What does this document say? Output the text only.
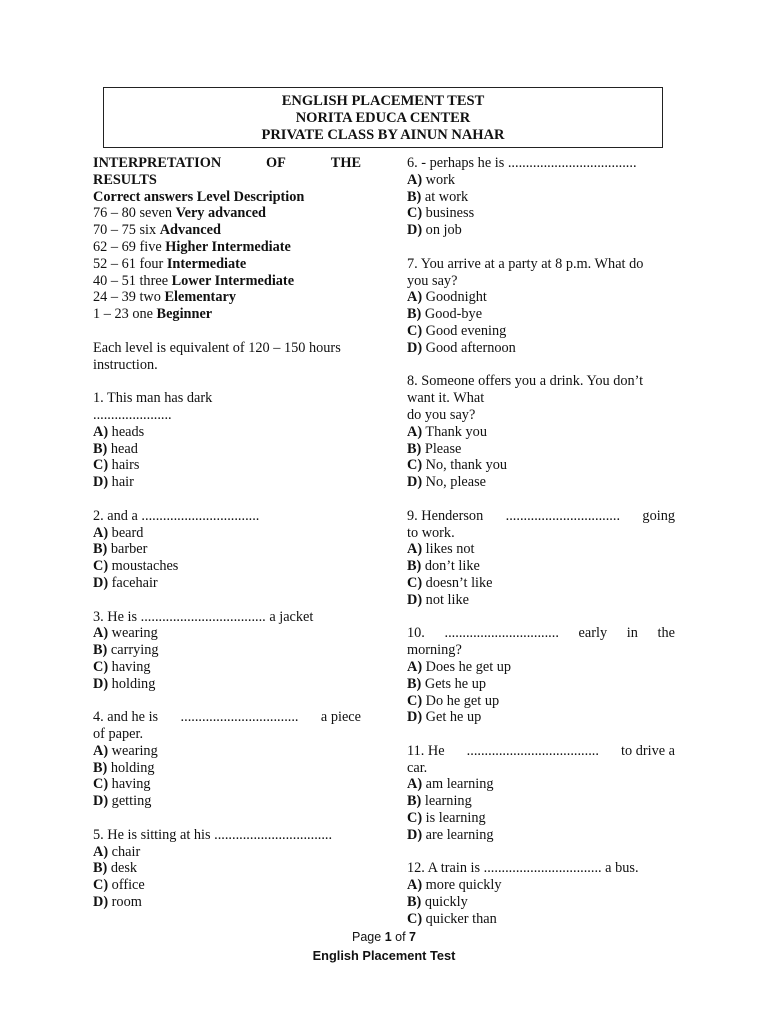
ENGLISH PLACEMENT TEST
NORITA EDUCA CENTER
PRIVATE CLASS BY AINUN NAHAR
INTERPRETATION	OF	THE
RESULTS
Correct answers Level Description
76 – 80 seven Very advanced
70 – 75 six Advanced
62 – 69 five Higher Intermediate
52 – 61 four Intermediate
40 – 51 three Lower Intermediate
24 – 39 two Elementary
1 – 23 one Beginner
Each level is equivalent of 120 – 150 hours
instruction.
1. This man has dark
......................
A) heads
B) head
C) hairs
D) hair
2. and a .................................
A) beard
B) barber
C) moustaches
D) facehair
3. He is ................................... a jacket
A) wearing
B) carrying
C) having
D) holding
4. and he is ................................. a piece
of paper.
A) wearing
B) holding
C) having
D) getting
5. He is sitting at his .................................
A) chair
B) desk
C) office
D) room
6. - perhaps he is ....................................
A) work
B) at work
C) business
D) on job
7. You arrive at a party at 8 p.m. What do
you say?
A) Goodnight
B) Good-bye
C) Good evening
D) Good afternoon
8. Someone offers you a drink. You don’t
want it. What
do you say?
A) Thank you
B) Please
C) No, thank you
D) No, please
9. Henderson ................................ going
to work.
A) likes not
B) don’t like
C) doesn’t like
D) not like
10. ................................ early in the
morning?
A) Does he get up
B) Gets he up
C) Do he get up
D) Get he up
11. He ..................................... to drive a
car.
A) am learning
B) learning
C) is learning
D) are learning
12. A train is ................................. a bus.
A) more quickly
B) quickly
C) quicker than
Page 1 of 7
English Placement Test
